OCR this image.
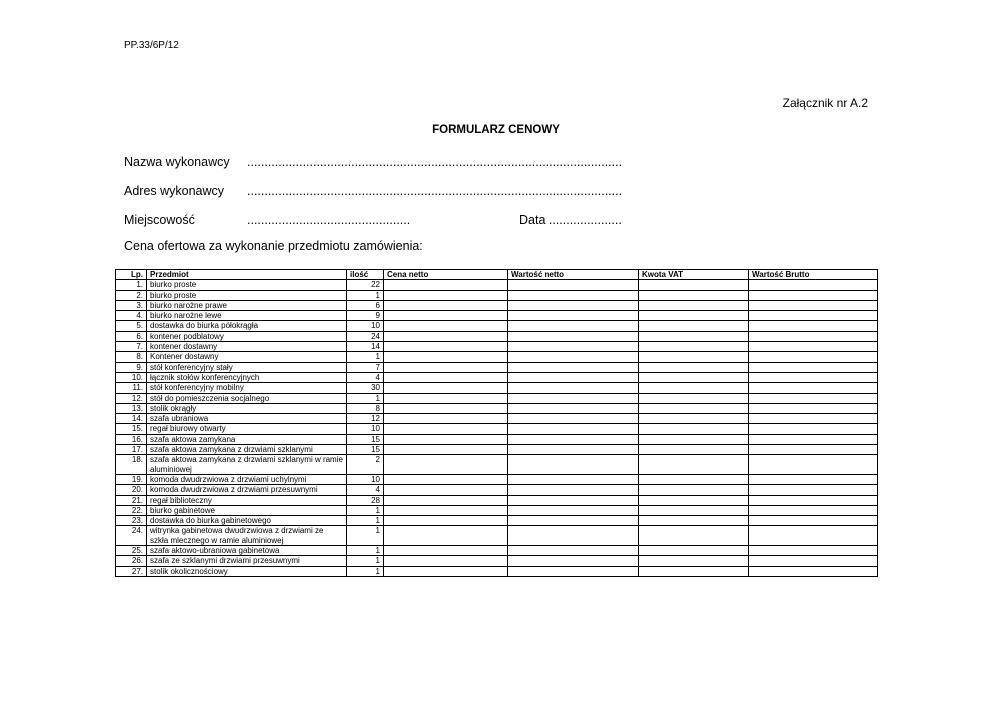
PP.33/6P/12
Załącznik nr A.2
FORMULARZ CENOWY
Nazwa wykonawcy ............................................................................................................
Adres wykonawcy ............................................................................................................
Miejscowość	...............................................	Data .....................
Cena ofertowa za wykonanie przedmiotu zamówienia:
Lp.	Przedmiot	ilość	Cena netto	Wartość netto	Kwota VAT	Wartość Brutto
1.	biurko proste	22				
2.	biurko proste	1				
3.	biurko narożne prawe	6				
4.	biurko narożne lewe	9				
5.	dostawka do biurka półokrągła	10				
6.	kontener podblatowy	24				
7.	kontener dostawny	14				
8.	Kontener dostawny	1				
9.	stół konferencyjny stały	7				
10.	łącznik stołów konferencyjnych	4				
11.	stół konferencyjny mobilny	30				
12.	stół do pomieszczenia socjalnego	1				
13.	stolik okrągły	8				
14.	szafa ubraniowa	12				
15.	regał biurowy otwarty	10				
16.	szafa aktowa zamykana	15				
17.	szafa aktowa zamykana z drzwiami szklanymi	15				
18.	szafa aktowa zamykana z drzwiami szklanymi w ramie aluminiowej	2				
19.	komoda dwudrzwiowa z drzwiami uchylnymi	10				
20.	komoda dwudrzwiowa z drzwiami przesuwnymi	4				
21.	regał biblioteczny	28				
22.	biurko gabinetowe	1				
23.	dostawka do biurka gabinetowego	1				
24.	witrynka gabinetowa dwudrzwiowa z drzwiami ze szkła mlecznego w ramie aluminiowej	1				
25.	szafa aktowo-ubraniowa gabinetowa	1				
26.	szafa ze szklanymi drzwiami przesuwnymi	1				
27.	stolik okolicznościowy	1				
